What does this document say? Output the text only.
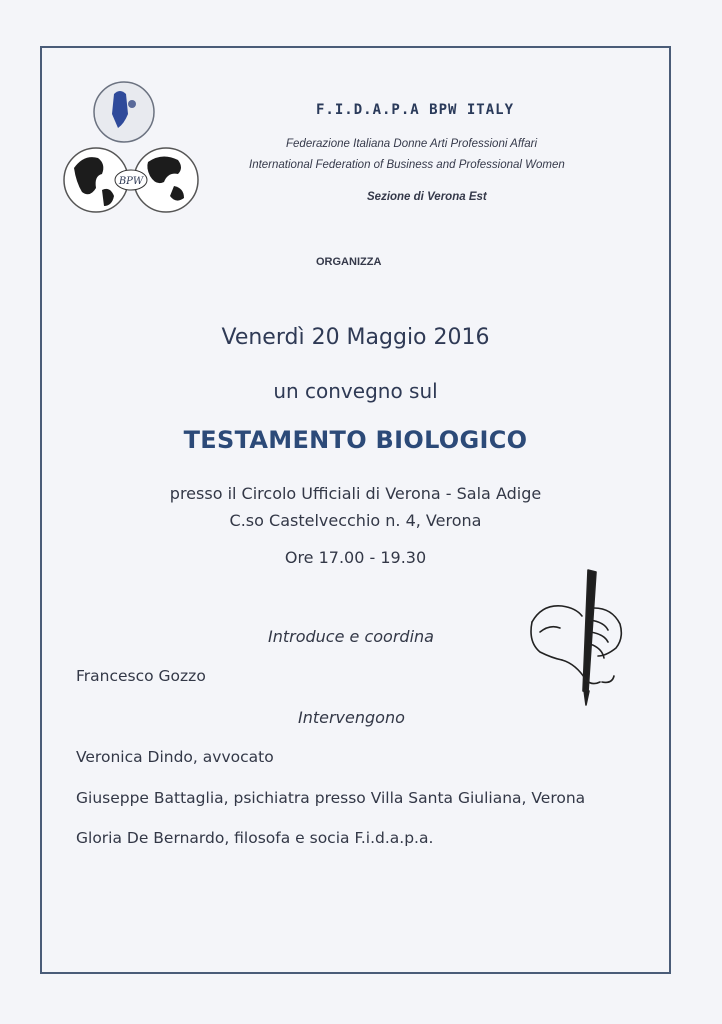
BPW
F.I.D.A.P.A BPW ITALY
Federazione Italiana Donne Arti Professioni Affari
International Federation of Business and Professional Women
Sezione di Verona Est
ORGANIZZA
Venerdì 20 Maggio 2016
un convegno sul
TESTAMENTO BIOLOGICO
presso il Circolo Ufficiali di Verona - Sala Adige
C.so Castelvecchio n. 4, Verona
Ore 17.00 - 19.30
Introduce e coordina
Francesco Gozzo
Intervengono
Veronica Dindo, avvocato
Giuseppe Battaglia, psichiatra presso Villa Santa Giuliana, Verona
Gloria De Bernardo, filosofa e socia F.i.d.a.p.a.
